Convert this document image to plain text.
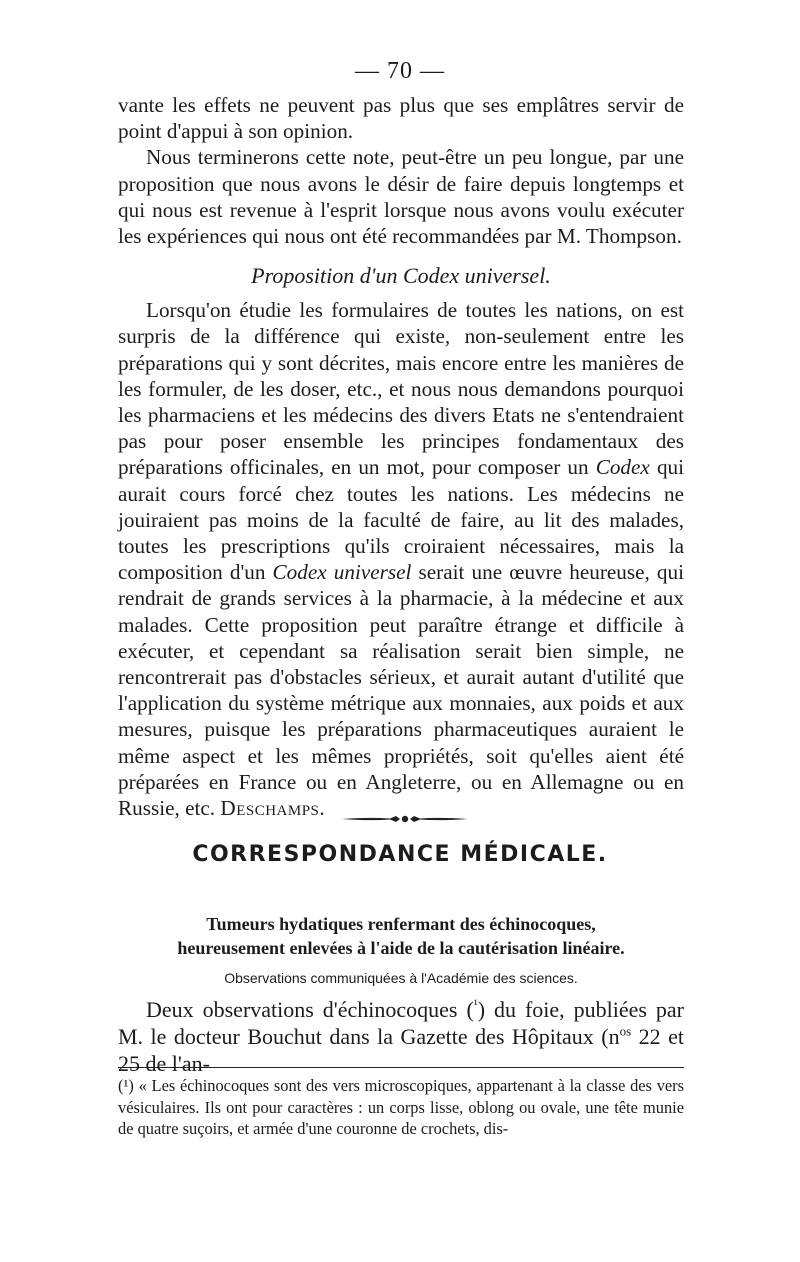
— 70 —

vante les effets ne peuvent pas plus que ses emplâtres servir de point d'appui à son opinion.

Nous terminerons cette note, peut-être un peu longue, par une proposition que nous avons le désir de faire depuis longtemps et qui nous est revenue à l'esprit lorsque nous avons voulu exécuter les expériences qui nous ont été recommandées par M. Thompson.

Proposition d'un Codex universel.

Lorsqu'on étudie les formulaires de toutes les nations, on est surpris de la différence qui existe, non-seulement entre les préparations qui y sont décrites, mais encore entre les manières de les formuler, de les doser, etc., et nous nous demandons pourquoi les pharmaciens et les médecins des divers Etats ne s'entendraient pas pour poser ensemble les principes fondamentaux des préparations officinales, en un mot, pour composer un Codex qui aurait cours forcé chez toutes les nations. Les médecins ne jouiraient pas moins de la faculté de faire, au lit des malades, toutes les prescriptions qu'ils croiraient nécessaires, mais la composition d'un Codex universel serait une œuvre heureuse, qui rendrait de grands services à la pharmacie, à la médecine et aux malades. Cette proposition peut paraître étrange et difficile à exécuter, et cependant sa réalisation serait bien simple, ne rencontrerait pas d'obstacles sérieux, et aurait autant d'utilité que l'application du système métrique aux monnaies, aux poids et aux mesures, puisque les préparations pharmaceutiques auraient le même aspect et les mêmes propriétés, soit qu'elles aient été préparées en France ou en Angleterre, ou en Allemagne ou en Russie, etc. Deschamps.

CORRESPONDANCE MÉDICALE.

Tumeurs hydatiques renfermant des échinocoques,
heureusement enlevées à l'aide de la cautérisation linéaire.

Observations communiquées à l'Académie des sciences.

Deux observations d'échinocoques ($^{^1}$) du foie, publiées par M. le docteur Bouchut dans la Gazette des Hôpitaux ($n^{os}$ 22 et 25 de l'an-

(¹) « Les échinocoques sont des vers microscopiques, appartenant à la classe des vers vésiculaires. Ils ont pour caractères : un corps lisse, oblong ou ovale, une tête munie de quatre suçoirs, et armée d'une couronne de crochets, dis-
